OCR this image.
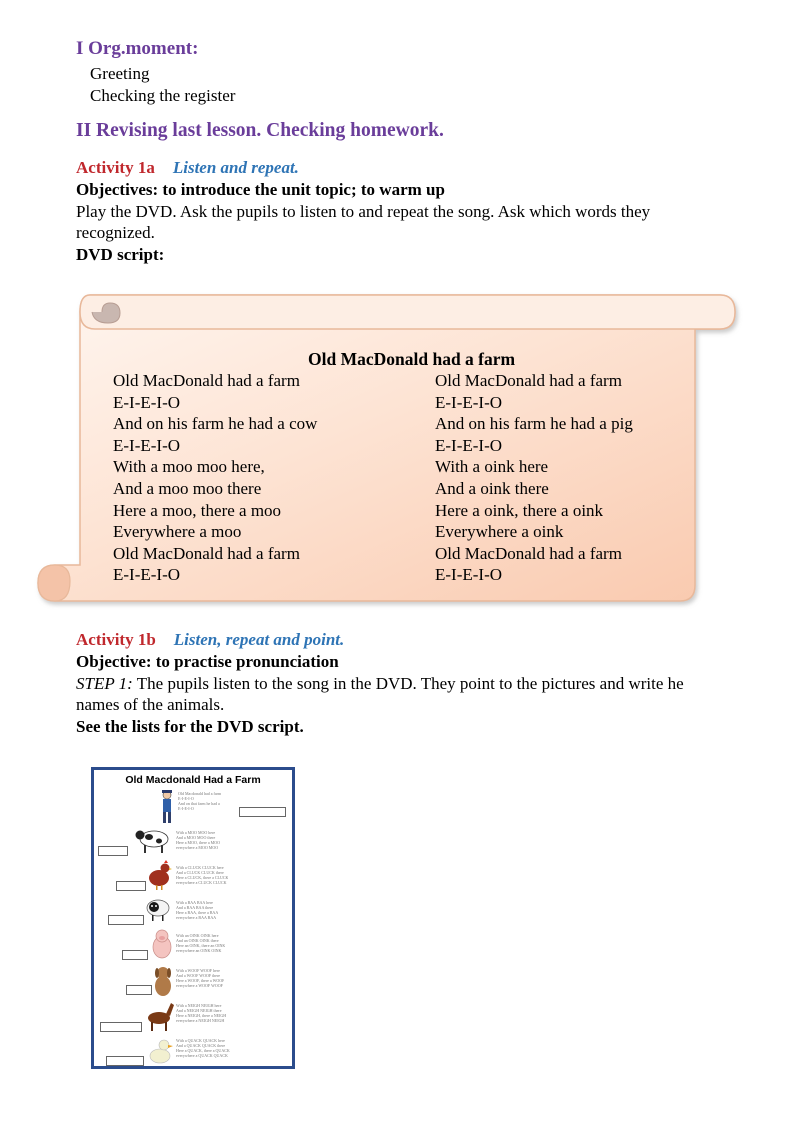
I Org.moment:
Greeting
Checking the register
II Revising last lesson. Checking homework.
Activity 1a Listen and repeat.
Objectives: to introduce the unit topic; to warm up
Play the DVD. Ask the pupils to listen to and repeat the song. Ask which words they
recognized.
DVD script:
Old MacDonald had a farm
Old MacDonald had a farm
E-I-E-I-O
And on his farm he had a cow
E-I-E-I-O
With a moo moo here,
And a moo moo there
Here a moo, there a moo
Everywhere a moo
Old MacDonald had a farm
E-I-E-I-O
Old MacDonald had a farm
E-I-E-I-O
And on his farm he had a pig
E-I-E-I-O
With a oink here
And a oink there
Here a oink, there a oink
Everywhere a oink
Old MacDonald had a farm
E-I-E-I-O
Activity 1b Listen, repeat and point.
Objective: to practise pronunciation
STEP 1: The pupils listen to the song in the DVD. They point to the pictures and write he
names of the animals.
See the lists for the DVD script.
Old Macdonald Had a Farm
Old Macdonald had a farm
E-I-E-I-O
And on that farm he had a
E-I-E-I-O
With a MOO MOO here
And a MOO MOO there
Here a MOO, there a MOO
everywhere a MOO MOO
With a CLUCK CLUCK here
And a CLUCK CLUCK there
Here a CLUCK, there a CLUCK
everywhere a CLUCK CLUCK
With a BAA BAA here
And a BAA BAA there
Here a BAA, there a BAA
everywhere a BAA BAA
With an OINK OINK here
And an OINK OINK there
Here an OINK, there an OINK
everywhere an OINK OINK
With a WOOF WOOF here
And a WOOF WOOF there
Here a WOOF, there a WOOF
everywhere a WOOF WOOF
With a NEIGH NEIGH here
And a NEIGH NEIGH there
Here a NEIGH, there a NEIGH
everywhere a NEIGH NEIGH
With a QUACK QUACK here
And a QUACK QUACK there
Here a QUACK, there a QUACK
everywhere a QUACK QUACK
